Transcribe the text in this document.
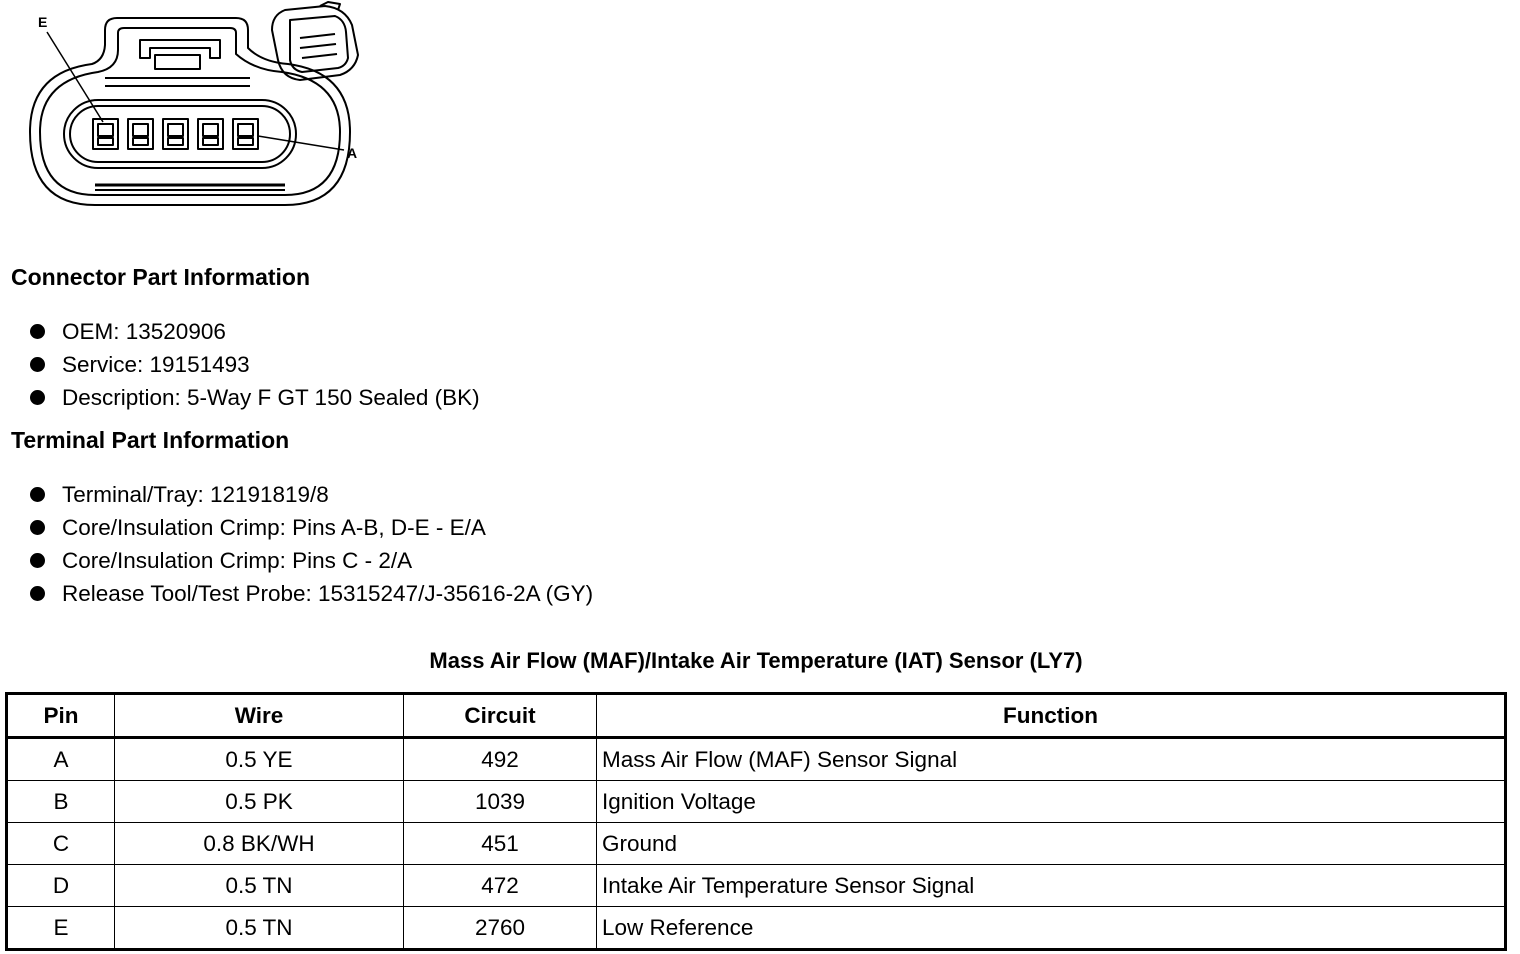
E
A
Connector Part Information
OEM: 13520906
Service: 19151493
Description: 5-Way F GT 150 Sealed (BK)
Terminal Part Information
Terminal/Tray: 12191819/8
Core/Insulation Crimp: Pins A-B, D-E - E/A
Core/Insulation Crimp: Pins C - 2/A
Release Tool/Test Probe: 15315247/J-35616-2A (GY)
Mass Air Flow (MAF)/Intake Air Temperature (IAT) Sensor (LY7)
Pin	Wire	Circuit	Function
A	0.5 YE	492	Mass Air Flow (MAF) Sensor Signal
B	0.5 PK	1039	Ignition Voltage
C	0.8 BK/WH	451	Ground
D	0.5 TN	472	Intake Air Temperature Sensor Signal
E	0.5 TN	2760	Low Reference
